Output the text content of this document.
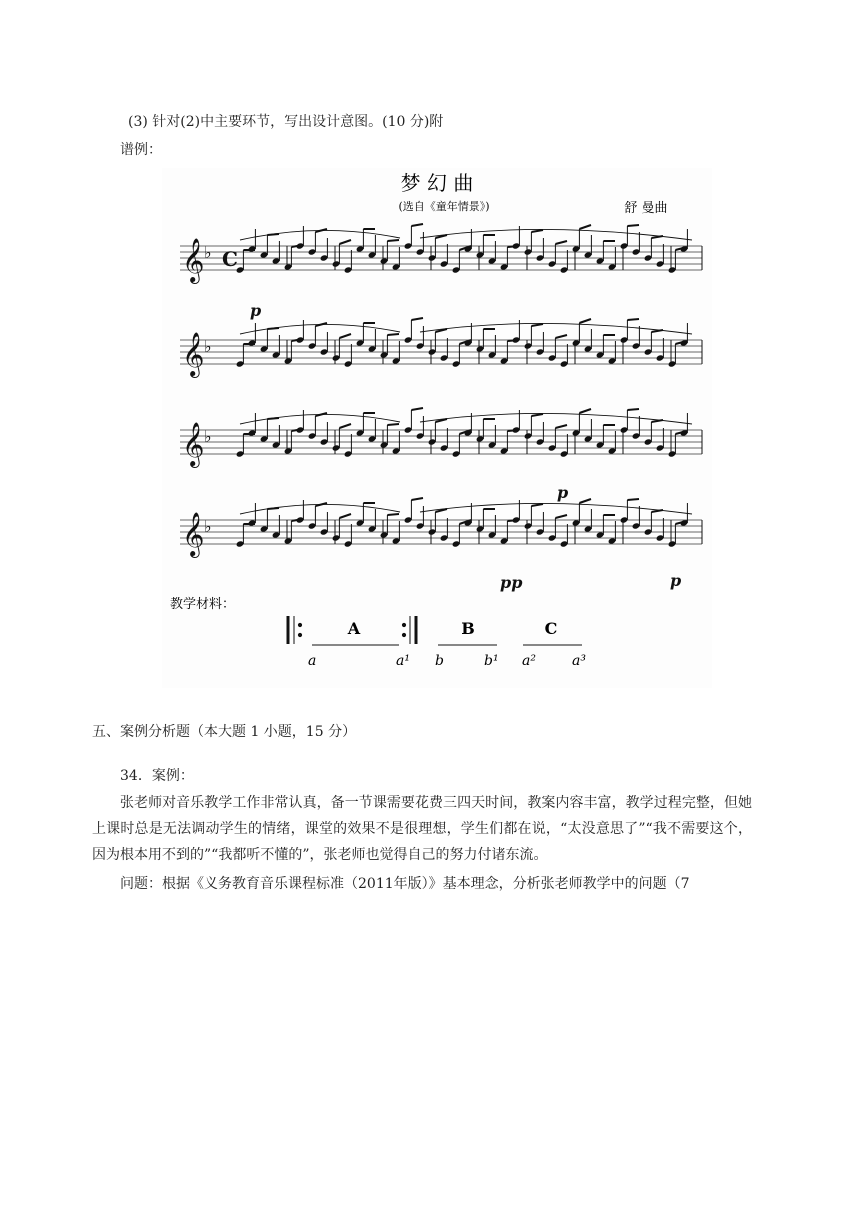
(3) 针对(2)中主要环节，写出设计意图。(10 分)附
谱例：
梦 幻 曲
(选自《童年情景》)	舒 曼曲
𝄞 ♭ C
p
𝄞 ♭
p
𝄞 ♭
pp
𝄞 ♭
p
教学材料：
A	B	C
a	a¹ b	b¹ a²	a³
五、案例分析题（本大题 1 小题，15 分）
34．案例：
张老师对音乐教学工作非常认真，备一节课需要花费三四天时间，教案内容丰富，教学过程完整，但她上课时总是无法调动学生的情绪，课堂的效果不是很理想，学生们都在说，“太没意思了”“我不需要这个，因为根本用不到的”“我都听不懂的”，张老师也觉得自己的努力付诸东流。
问题：根据《义务教育音乐课程标准（2011年版）》基本理念，分析张老师教学中的问题（7
